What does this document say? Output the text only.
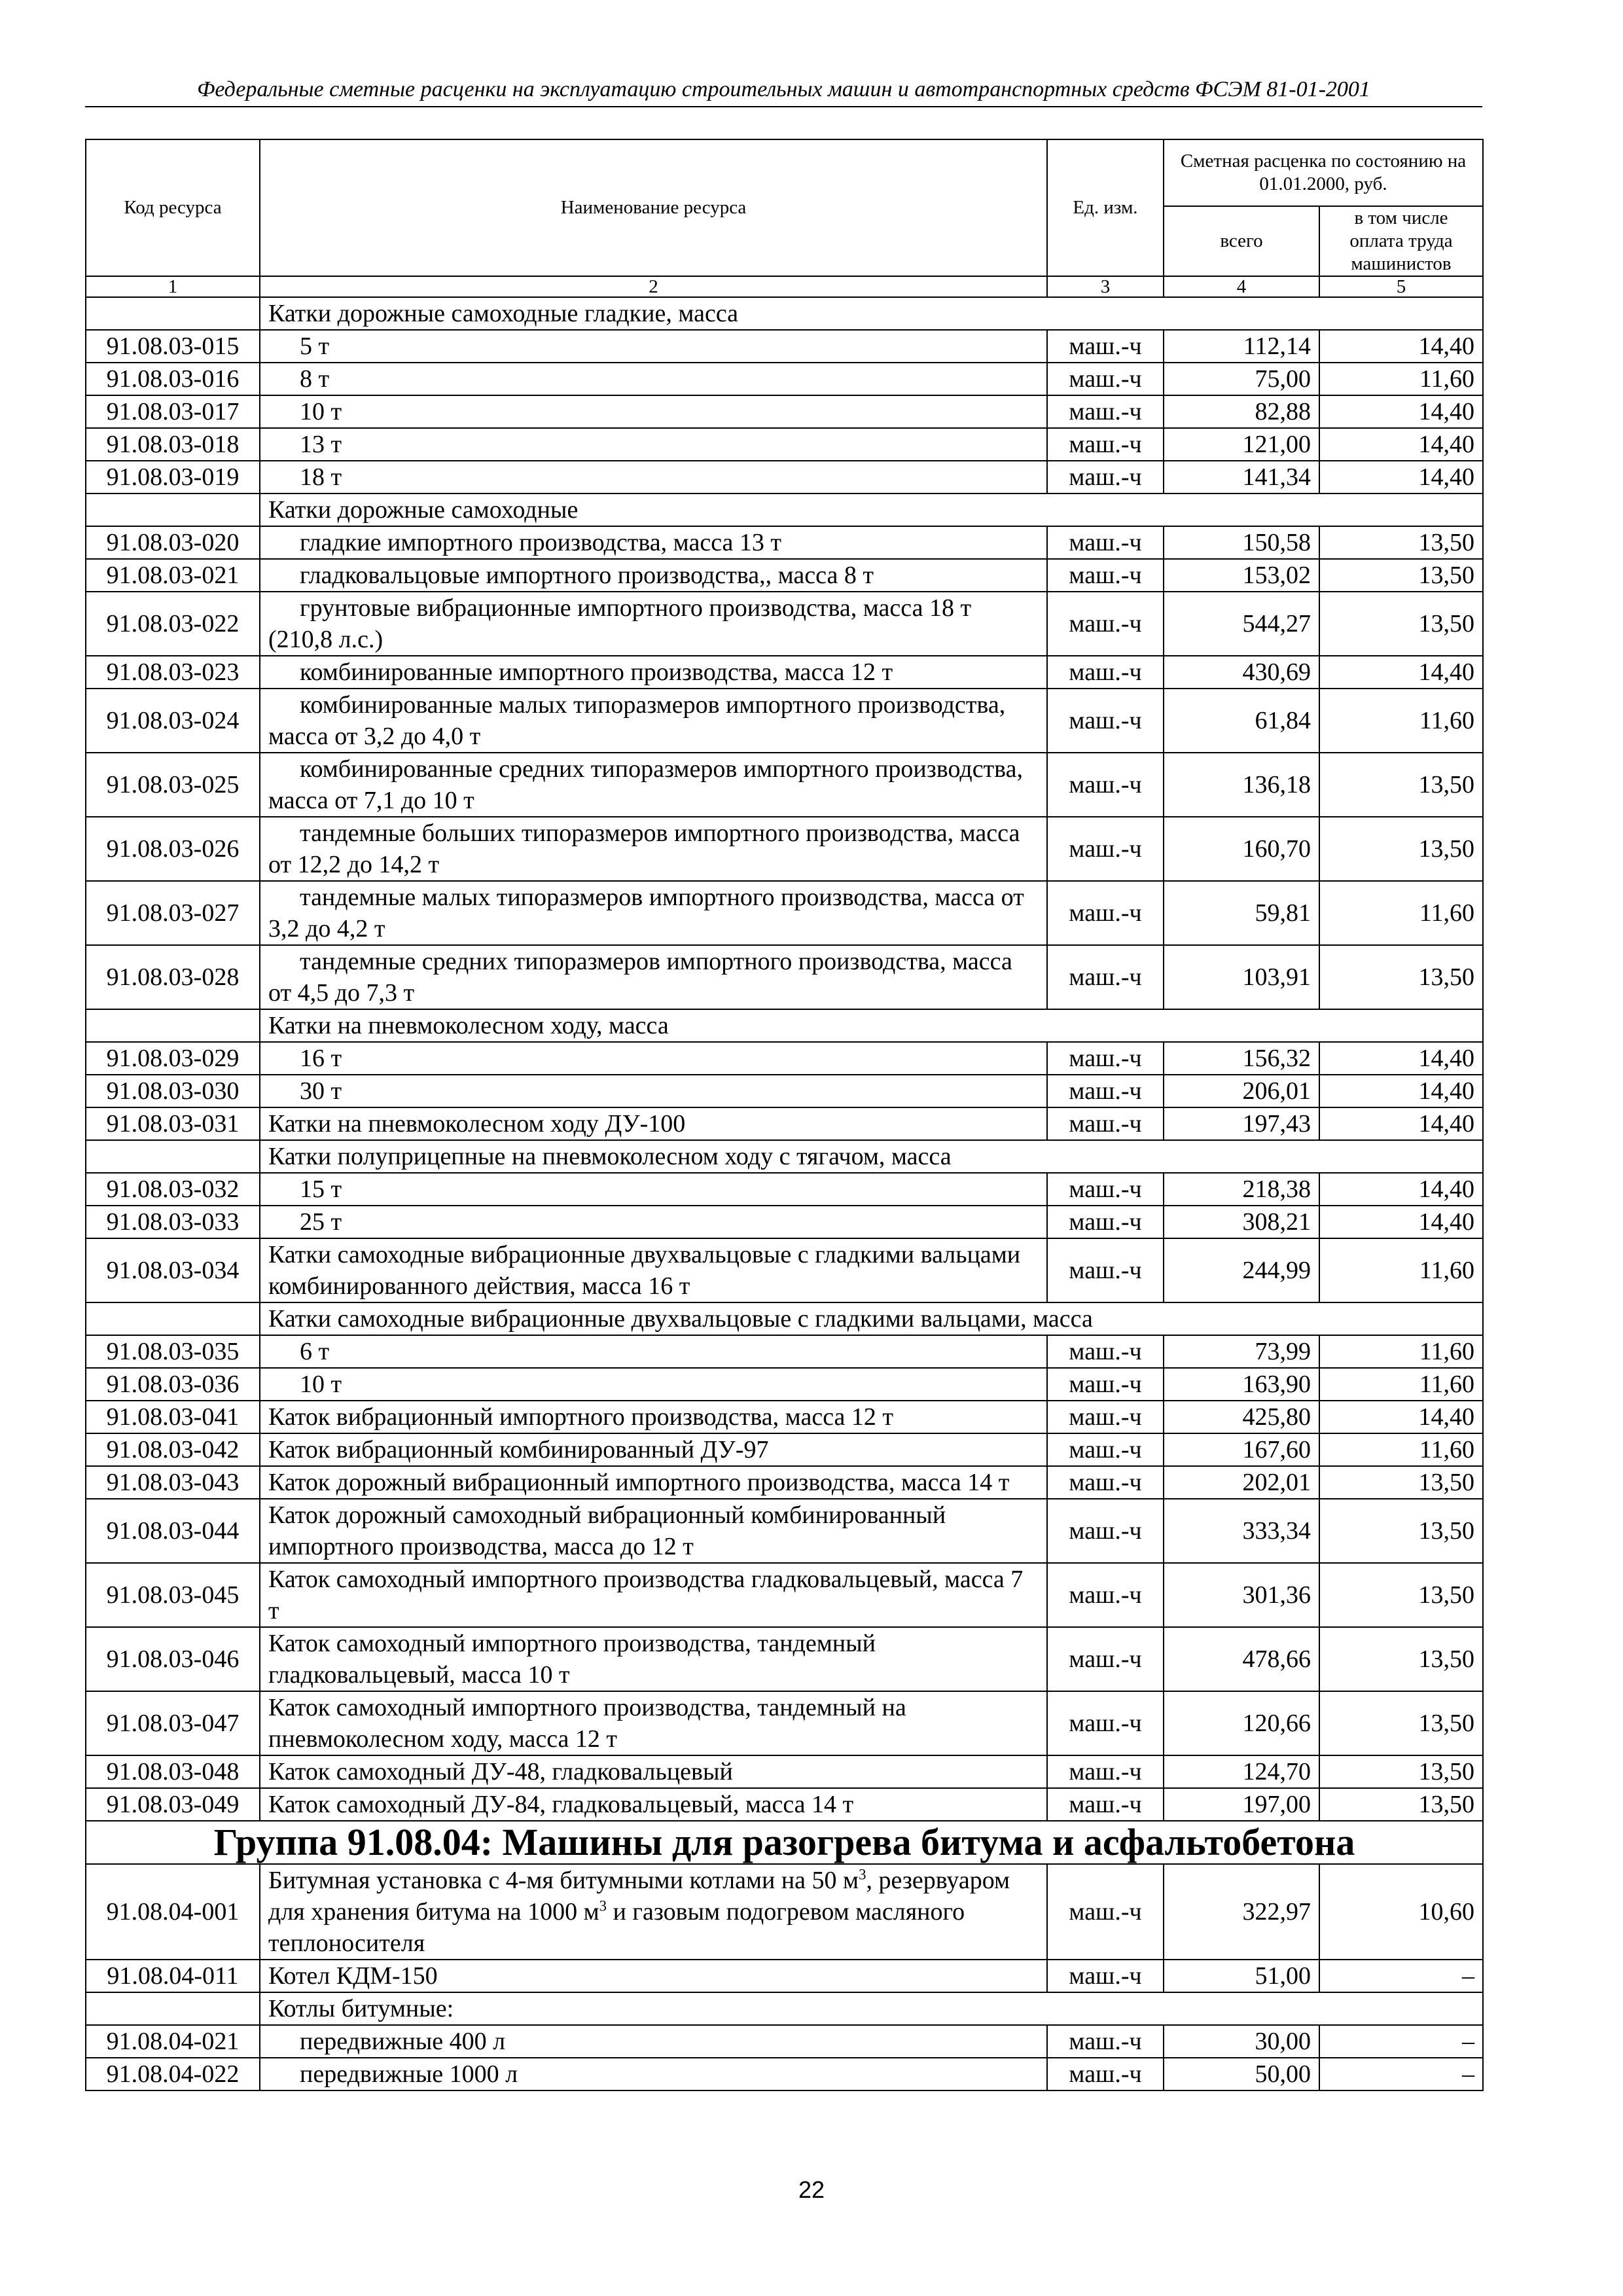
Федеральные сметные расценки на эксплуатацию строительных машин и автотранспортных средств ФСЭМ 81-01-2001
Код ресурса	Наименование ресурса	Ед. изм.	Сметная расценка по состоянию на 01.01.2000, руб.	
			всего	в том числе оплата труда машинистов
1	2	3	4	5
	Катки дорожные самоходные гладкие, масса			
91.08.03-015	5 т	маш.-ч	112,14	14,40
91.08.03-016	8 т	маш.-ч	75,00	11,60
91.08.03-017	10 т	маш.-ч	82,88	14,40
91.08.03-018	13 т	маш.-ч	121,00	14,40
91.08.03-019	18 т	маш.-ч	141,34	14,40
	Катки дорожные самоходные			
91.08.03-020	гладкие импортного производства, масса 13 т	маш.-ч	150,58	13,50
91.08.03-021	гладковальцовые импортного производства,, масса 8 т	маш.-ч	153,02	13,50
91.08.03-022	грунтовые вибрационные импортного производства, масса 18 т (210,8 л.с.)	маш.-ч	544,27	13,50
91.08.03-023	комбинированные импортного производства, масса 12 т	маш.-ч	430,69	14,40
91.08.03-024	комбинированные малых типоразмеров импортного производства, масса от 3,2 до 4,0 т	маш.-ч	61,84	11,60
91.08.03-025	комбинированные средних типоразмеров импортного производства, масса от 7,1 до 10 т	маш.-ч	136,18	13,50
91.08.03-026	тандемные больших типоразмеров импортного производства, масса от 12,2 до 14,2 т	маш.-ч	160,70	13,50
91.08.03-027	тандемные малых типоразмеров импортного производства, масса от 3,2 до 4,2 т	маш.-ч	59,81	11,60
91.08.03-028	тандемные средних типоразмеров импортного производства, масса от 4,5 до 7,3 т	маш.-ч	103,91	13,50
	Катки на пневмоколесном ходу, масса			
91.08.03-029	16 т	маш.-ч	156,32	14,40
91.08.03-030	30 т	маш.-ч	206,01	14,40
91.08.03-031	Катки на пневмоколесном ходу ДУ-100	маш.-ч	197,43	14,40
	Катки полуприцепные на пневмоколесном ходу с тягачом, масса			
91.08.03-032	15 т	маш.-ч	218,38	14,40
91.08.03-033	25 т	маш.-ч	308,21	14,40
91.08.03-034	Катки самоходные вибрационные двухвальцовые с гладкими вальцами комбинированного действия, масса 16 т	маш.-ч	244,99	11,60
	Катки самоходные вибрационные двухвальцовые с гладкими вальцами, масса			
91.08.03-035	6 т	маш.-ч	73,99	11,60
91.08.03-036	10 т	маш.-ч	163,90	11,60
91.08.03-041	Каток вибрационный импортного производства, масса 12 т	маш.-ч	425,80	14,40
91.08.03-042	Каток вибрационный комбинированный ДУ-97	маш.-ч	167,60	11,60
91.08.03-043	Каток дорожный вибрационный импортного производства, масса 14 т	маш.-ч	202,01	13,50
91.08.03-044	Каток дорожный самоходный вибрационный комбинированный импортного производства, масса до 12 т	маш.-ч	333,34	13,50
91.08.03-045	Каток самоходный импортного производства гладковальцевый, масса 7 т	маш.-ч	301,36	13,50
91.08.03-046	Каток самоходный импортного производства, тандемный гладковальцевый, масса 10 т	маш.-ч	478,66	13,50
91.08.03-047	Каток самоходный импортного производства, тандемный на пневмоколесном ходу, масса 12 т	маш.-ч	120,66	13,50
91.08.03-048	Каток самоходный ДУ-48, гладковальцевый	маш.-ч	124,70	13,50
91.08.03-049	Каток самоходный ДУ-84, гладковальцевый, масса 14 т	маш.-ч	197,00	13,50
Группа 91.08.04: Машины для разогрева битума и асфальтобетона				
91.08.04-001	Битумная установка с 4-мя битумными котлами на 50 $м^3$, резервуаром для хранения битума на 1000 $м^3$ и газовым подогревом масляного теплоносителя	маш.-ч	322,97	10,60
91.08.04-011	Котел КДМ-150	маш.-ч	51,00	–
	Котлы битумные:			
91.08.04-021	передвижные 400 л	маш.-ч	30,00	–
91.08.04-022	передвижные 1000 л	маш.-ч	50,00	–
22
